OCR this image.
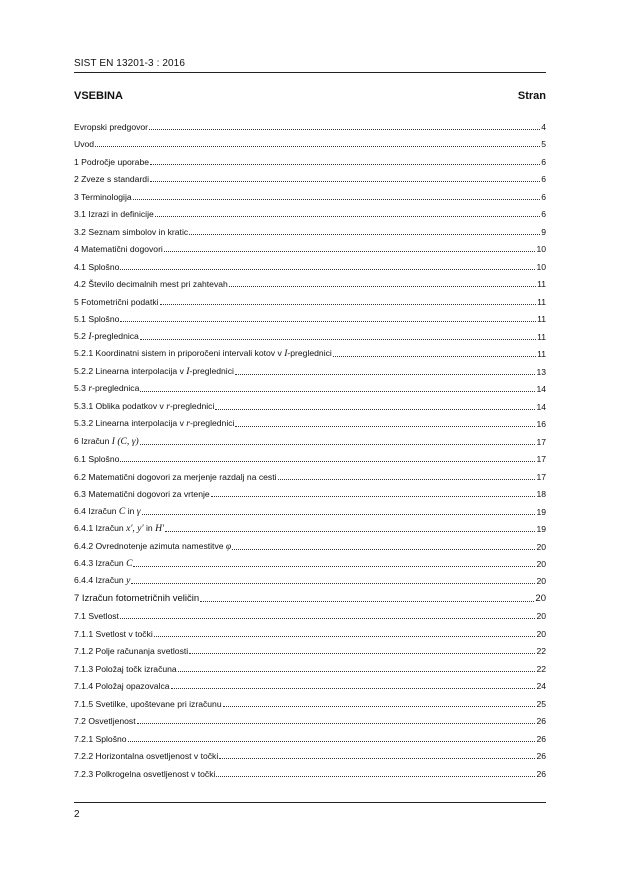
SIST EN 13201-3 : 2016
VSEBINA	Stran
Evropski predgovor	4
Uvod	5
1 Področje uporabe	6
2 Zveze s standardi	6
3 Terminologija	6
3.1 Izrazi in definicije	6
3.2 Seznam simbolov in kratic	9
4 Matematični dogovori	10
4.1 Splošno	10
4.2 Število decimalnih mest pri zahtevah	11
5 Fotometrični podatki	11
5.1 Splošno	11
5.2 I-preglednica	11
5.2.1 Koordinatni sistem in priporočeni intervali kotov v I-preglednici	11
5.2.2 Linearna interpolacija v I-preglednici	13
5.3 r-preglednica	14
5.3.1 Oblika podatkov v r-preglednici	14
5.3.2 Linearna interpolacija v r-preglednici	16
6 Izračun I (C, γ)	17
6.1 Splošno	17
6.2 Matematični dogovori za merjenje razdalj na cesti	17
6.3 Matematični dogovori za vrtenje	18
6.4 Izračun C in γ	19
6.4.1 Izračun x′, y′ in H′	19
6.4.2 Ovrednotenje azimuta namestitve φ	20
6.4.3 Izračun C	20
6.4.4 Izračun y	20
7 Izračun fotometričnih veličin	20
7.1 Svetlost	20
7.1.1 Svetlost v točki	20
7.1.2 Polje računanja svetlosti	22
7.1.3 Položaj točk izračuna	22
7.1.4 Položaj opazovalca	24
7.1.5 Svetilke, upoštevane pri izračunu	25
7.2 Osvetljenost	26
7.2.1 Splošno	26
7.2.2 Horizontalna osvetljenost v točki	26
7.2.3 Polkrogelna osvetljenost v točki	26
2
